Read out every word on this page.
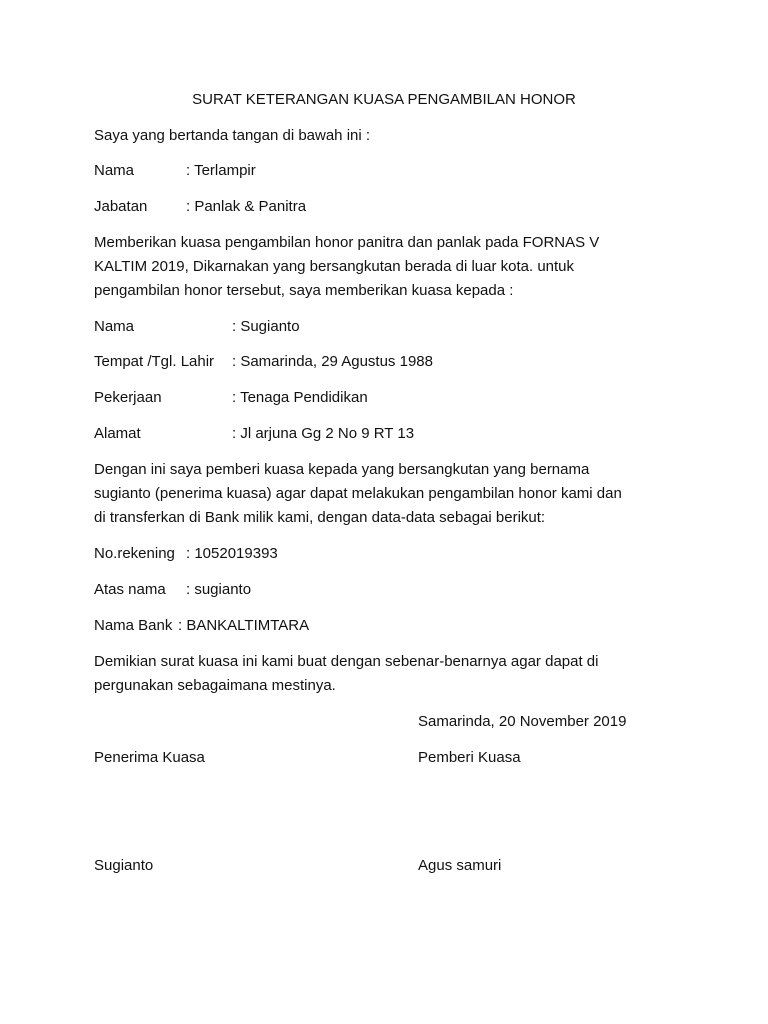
SURAT KETERANGAN KUASA PENGAMBILAN HONOR
Saya yang bertanda tangan di bawah ini :
Nama	: Terlampir
Jabatan	: Panlak & Panitra
Memberikan kuasa pengambilan honor panitra dan panlak pada FORNAS V
KALTIM 2019, Dikarnakan yang bersangkutan berada di luar kota. untuk
pengambilan honor tersebut, saya memberikan kuasa kepada :
Nama	: Sugianto
Tempat /Tgl. Lahir : Samarinda, 29 Agustus 1988
Pekerjaan	: Tenaga Pendidikan
Alamat	: Jl arjuna Gg 2 No 9 RT 13
Dengan ini saya pemberi kuasa kepada yang bersangkutan yang bernama
sugianto (penerima kuasa) agar dapat melakukan pengambilan honor kami dan
di transferkan di Bank milik kami, dengan data-data sebagai berikut:
No.rekening : 1052019393
Atas nama : sugianto
Nama Bank : BANKALTIMTARA
Demikian surat kuasa ini kami buat dengan sebenar-benarnya agar dapat di
pergunakan sebagaimana mestinya.
Samarinda, 20 November 2019
Penerima Kuasa	Pemberi Kuasa
Sugianto	Agus samuri
